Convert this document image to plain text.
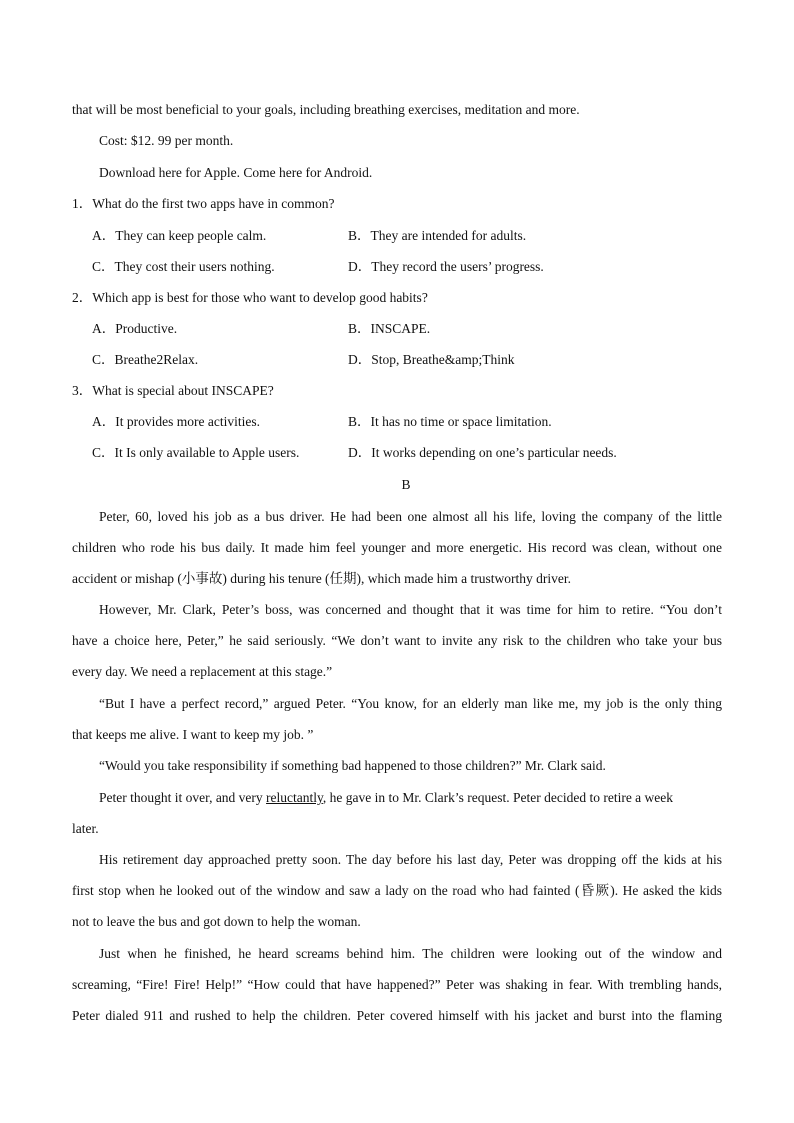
that will be most beneficial to your goals, including breathing exercises, meditation and more.
Cost: $12. 99 per month.
Download here for Apple. Come here for Android.
1．What do the first two apps have in common?
A．They can keep people calm.	B．They are intended for adults.
C．They cost their users nothing.	D．They record the users’ progress.
2．Which app is best for those who want to develop good habits?
A．Productive.	B．INSCAPE.
C．Breathe2Relax.	D．Stop, Breathe&amp;Think
3．What is special about INSCAPE?
A．It provides more activities.	B．It has no time or space limitation.
C．It Is only available to Apple users.	D．It works depending on one’s particular needs.
B
Peter, 60, loved his job as a bus driver. He had been one almost all his life, loving the company of the little
children who rode his bus daily. It made him feel younger and more energetic. His record was clean, without one
accident or mishap (小事故) during his tenure (任期), which made him a trustworthy driver.
However, Mr. Clark, Peter’s boss, was concerned and thought that it was time for him to retire. “You don’t
have a choice here, Peter,” he said seriously. “We don’t want to invite any risk to the children who take your bus
every day. We need a replacement at this stage.”
“But I have a perfect record,” argued Peter. “You know, for an elderly man like me, my job is the only thing
that keeps me alive. I want to keep my job. ”
“Would you take responsibility if something bad happened to those children?” Mr. Clark said.
Peter thought it over, and very reluctantly, he gave in to Mr. Clark’s request. Peter decided to retire a week
later.
His retirement day approached pretty soon. The day before his last day, Peter was dropping off the kids at his
first stop when he looked out of the window and saw a lady on the road who had fainted (昏厥). He asked the kids
not to leave the bus and got down to help the woman.
Just when he finished, he heard screams behind him. The children were looking out of the window and
screaming, “Fire! Fire! Help!” “How could that have happened?” Peter was shaking in fear. With trembling hands,
Peter dialed 911 and rushed to help the children. Peter covered himself with his jacket and burst into the flaming
